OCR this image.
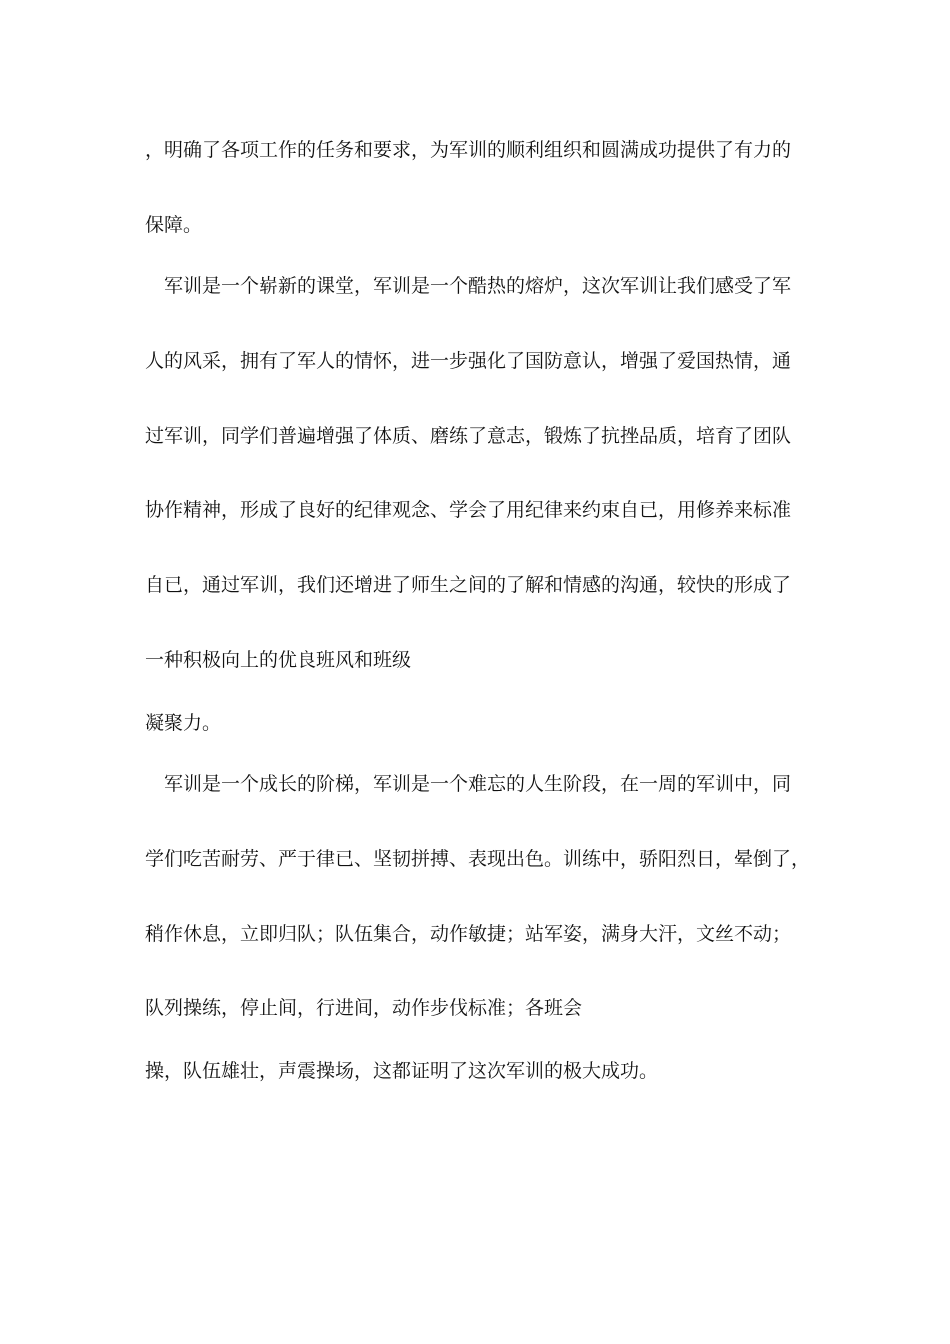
，明确了各项工作的任务和要求，为军训的顺利组织和圆满成功提供了有力的
保障。
军训是一个崭新的课堂，军训是一个酷热的熔炉，这次军训让我们感受了军
人的风采，拥有了军人的情怀，进一步强化了国防意认，增强了爱国热情，通
过军训，同学们普遍增强了体质、磨练了意志，锻炼了抗挫品质，培育了团队
协作精神，形成了良好的纪律观念、学会了用纪律来约束自已，用修养来标准
自已，通过军训，我们还增进了师生之间的了解和情感的沟通，较快的形成了
一种积极向上的优良班风和班级
凝聚力。
军训是一个成长的阶梯，军训是一个难忘的人生阶段，在一周的军训中，同
学们吃苦耐劳、严于律已、坚韧拼搏、表现出色。训练中，骄阳烈日，晕倒了，
稍作休息，立即归队；队伍集合，动作敏捷；站军姿，满身大汗，文丝不动；
队列操练，停止间，行进间，动作步伐标准；各班会
操，队伍雄壮，声震操场，这都证明了这次军训的极大成功。
